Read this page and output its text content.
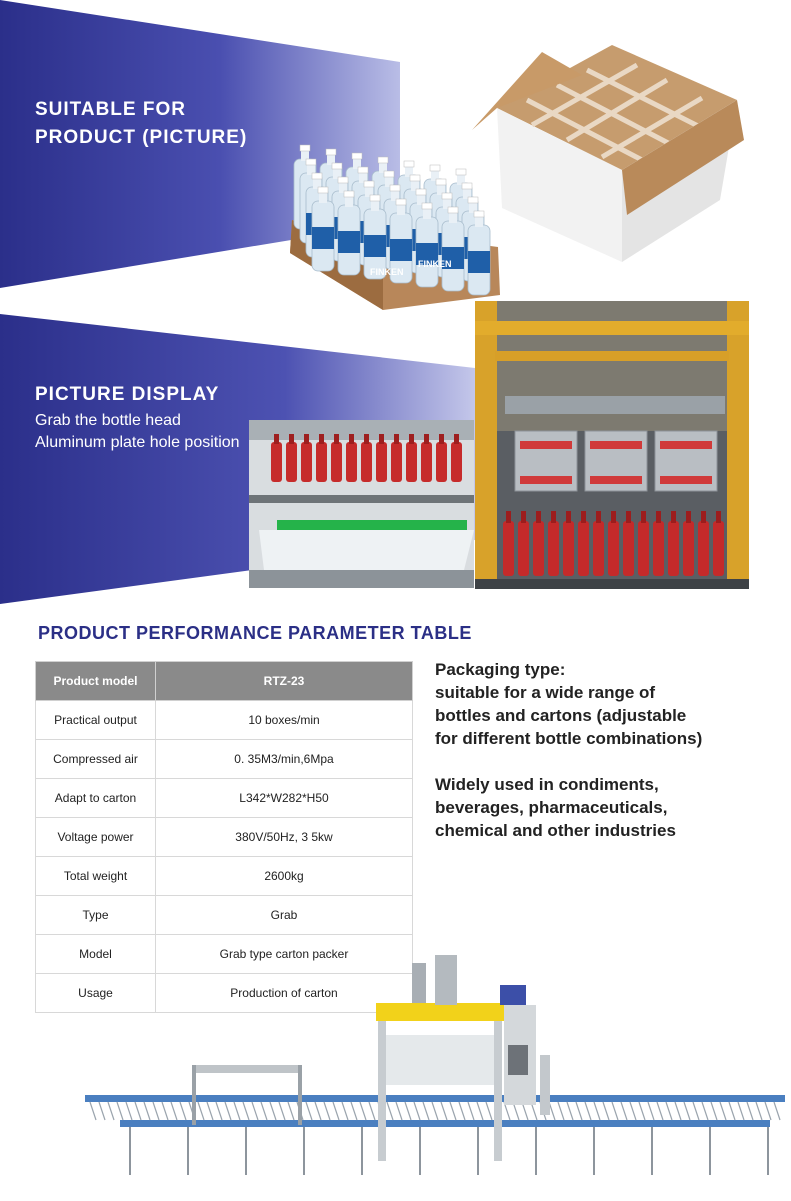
SUITABLE FOR
PRODUCT (PICTURE)
FINKEN
FINKEN
PICTURE DISPLAY
Grab the bottle head
Aluminum plate hole position
PRODUCT PERFORMANCE PARAMETER TABLE
Product model	RTZ-23
Practical output	10 boxes/min
Compressed air	0. 35M3/min,6Mpa
Adapt to carton	L342*W282*H50
Voltage power	380V/50Hz, 3 5kw
Total weight	2600kg
Type	Grab
Model	Grab type carton packer
Usage	Production of carton
Packaging type:
suitable for a wide range of
bottles and cartons (adjustable
for different bottle combinations)
Widely used in condiments,
beverages, pharmaceuticals,
chemical and other industries
